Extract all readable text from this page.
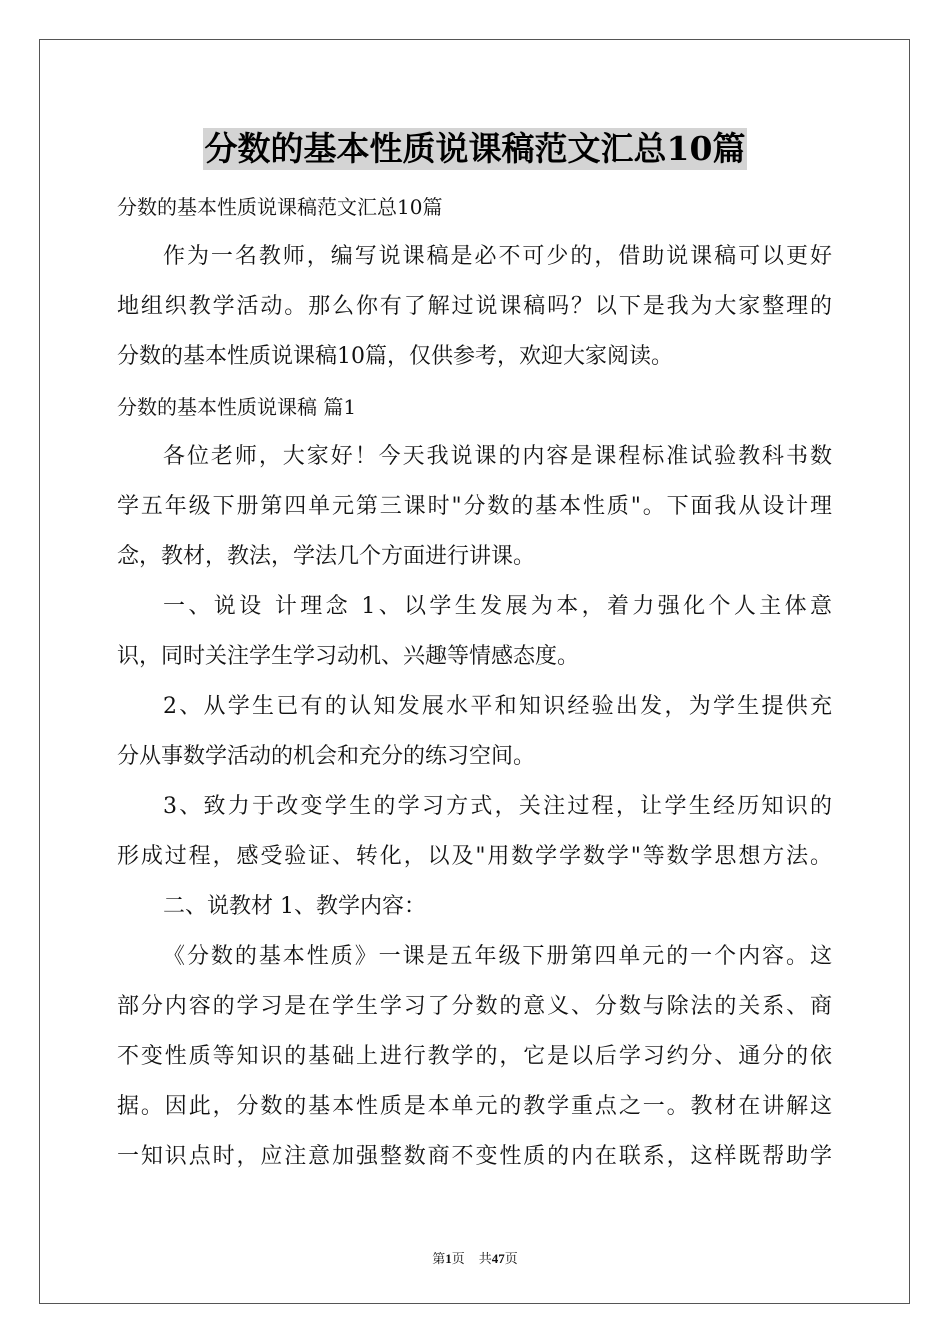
分数的基本性质说课稿范文汇总10篇
分数的基本性质说课稿范文汇总10篇
作为一名教师，编写说课稿是必不可少的，借助说课稿可以更好
地组织教学活动。那么你有了解过说课稿吗？以下是我为大家整理的
分数的基本性质说课稿10篇，仅供参考，欢迎大家阅读。
分数的基本性质说课稿 篇1
各位老师，大家好！今天我说课的内容是课程标准试验教科书数
学五年级下册第四单元第三课时"分数的基本性质"。下面我从设计理
念，教材，教法，学法几个方面进行讲课。
一、说设 计理念 1、以学生发展为本，着力强化个人主体意
识，同时关注学生学习动机、兴趣等情感态度。
2、从学生已有的认知发展水平和知识经验出发，为学生提供充
分从事数学活动的机会和充分的练习空间。
3、致力于改变学生的学习方式，关注过程，让学生经历知识的
形成过程，感受验证、转化，以及"用数学学数学"等数学思想方法。
二、说教材 1、教学内容：
《分数的基本性质》一课是五年级下册第四单元的一个内容。这
部分内容的学习是在学生学习了分数的意义、分数与除法的关系、商
不变性质等知识的基础上进行教学的，它是以后学习约分、通分的依
据。因此，分数的基本性质是本单元的教学重点之一。教材在讲解这
一知识点时，应注意加强整数商不变性质的内在联系，这样既帮助学
第1页 共47页
